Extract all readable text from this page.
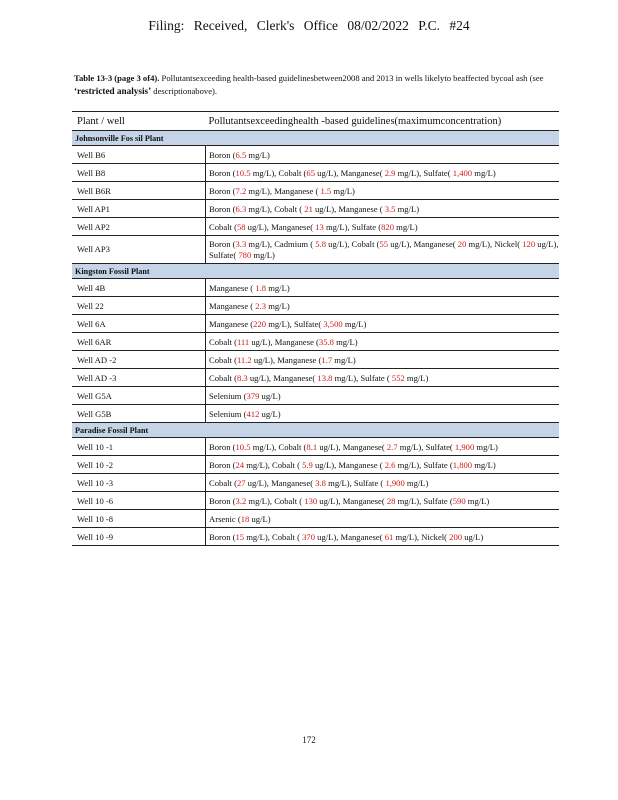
Filing: Received, Clerk's Office 08/02/2022 P.C. #24
Table 13-3 (page 3 of4). Pollutantsexceeding health-based guidelinesbetween2008 and 2013 in wells likelyto beaffected bycoal ash (see ‘restricted analysis’ descriptionabove).
Plant / well	Pollutantsexceedinghealth -based guidelines(maximumconcentration)
Johnsonville Fos sil Plant	
Well B6	Boron (6.5 mg/L)
Well B8	Boron (10.5 mg/L), Cobalt (65 ug/L), Manganese( 2.9 mg/L), Sulfate( 1,400 mg/L)
Well B6R	Boron (7.2 mg/L), Manganese ( 1.5 mg/L)
Well AP1	Boron (6.3 mg/L), Cobalt ( 21 ug/L), Manganese ( 3.5 mg/L)
Well AP2	Cobalt (58 ug/L), Manganese( 13 mg/L), Sulfate (820 mg/L)
Well AP3	Boron (3.3 mg/L), Cadmium ( 5.8 ug/L), Cobalt (55 ug/L), Manganese( 20 mg/L), Nickel( 120 ug/L), Sulfate( 780 mg/L)
Kingston Fossil Plant	
Well 4B	Manganese ( 1.8 mg/L)
Well 22	Manganese ( 2.3 mg/L)
Well 6A	Manganese (220 mg/L), Sulfate( 3,500 mg/L)
Well 6AR	Cobalt (111 ug/L), Manganese (35.8 mg/L)
Well AD -2	Cobalt (11.2 ug/L), Manganese (1.7 mg/L)
Well AD -3	Cobalt (8.3 ug/L), Manganese( 13.8 mg/L), Sulfate ( 552 mg/L)
Well G5A	Selenium (379 ug/L)
Well G5B	Selenium (412 ug/L)
Paradise Fossil Plant	
Well 10 -1	Boron (10.5 mg/L), Cobalt (8.1 ug/L), Manganese( 2.7 mg/L), Sulfate( 1,900 mg/L)
Well 10 -2	Boron (24 mg/L), Cobalt ( 5.9 ug/L), Manganese ( 2.6 mg/L), Sulfate (1,800 mg/L)
Well 10 -3	Cobalt (27 ug/L), Manganese( 3.8 mg/L), Sulfate ( 1,900 mg/L)
Well 10 -6	Boron (3.2 mg/L), Cobalt ( 130 ug/L), Manganese( 28 mg/L), Sulfate (590 mg/L)
Well 10 -8	Arsenic (18 ug/L)
Well 10 -9	Boron (15 mg/L), Cobalt ( 370 ug/L), Manganese( 61 mg/L), Nickel( 200 ug/L)
172
